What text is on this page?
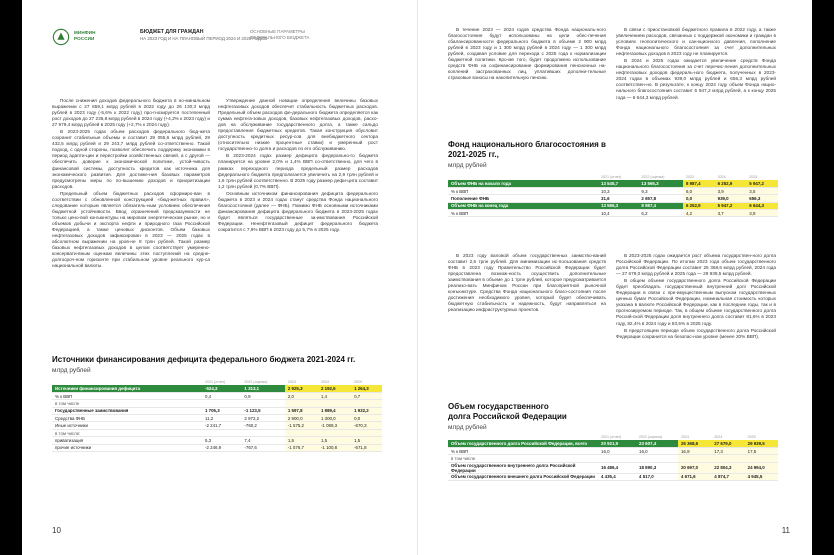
МИНФИН
РОССИИ
БЮДЖЕТ ДЛЯ ГРАЖДАН
НА 2023 ГОД И НА ПЛАНОВЫЙ ПЕРИОД 2024 И 2025 ГОДОВ
ОСНОВНЫЕ ПАРАМЕТРЫ
ФЕДЕРАЛЬНОГО БЮДЖЕТА

После снижения доходов федерального бюджета в но-минальном выражении с 27 659,1 млрд рублей в 2022 году до 26 130,3 млрд рублей в 2023 году (-5,6% к 2022 году) про-гнозируется постепенный рост доходов до 27 235,8 млрд рублей в 2024 году (+4,2% к 2023 году) и 27 979,4 млрд рублей в 2025 году (+2,7% к 2024 году).

В 2023-2025 годах объем расходов федерального бюд-жета сохранит стабильные объемы и составит 29 055,6 млрд рублей, 29 432,5 млрд рублей и 29 243,7 млрд рублей со-ответственно. Такой подход, с одной стороны, позволит обеспечить поддержку экономики в период адапти-ции и перестройки хозяйственных связей, а с другой — обеспечить доверие к экономической политике, устой-чивость финансовой системы, доступность кредитов как источника для экономического развития. Для достиже-ния базовых параметров предусмотрены меры по по-вышению доходов и приоритизации расходов.

Предельный объем бюджетных расходов сформиро-ван в соответствии с обновленной конструкцией «бюд-жетных правил», следование которым является обязатель-ным условием обеспечения бюджетной устойчивости. Ввод ограничений предсказуемости не только цено-вой конъюнктуры на мировом энергетическом рынке, но и объемов добычи и экспорта нефти и природного газа Российской Федерацией, а также ценовых дисконтов. Объем базовых нефтегазовых доходов зафиксирован в 2023 — 2025 годах в абсолютном выражении на уров-не 8 трлн рублей. Такой размер базовых нефтегазовых доходов в целом соответствует умеренно-консервати-вным оценкам величины этих поступлений на средне- долгосроч-ном горизонте при стабильном уровне реального кур-са национальной валюты.

Утверждение данной новации определения величины базовых нефтегазовых доходов обеспечит стабильность бюджетных расходов. Предельный объем расходов фе-дерального бюджета определяется как сумма нефтега-зовых доходов, базовых нефтегазовых доходов, расхо-дов на обслуживание государственного долга, а также сальдо предоставления бюджетных кредитов. Такая конструкция обусловит доступность кредитных ресур-сов для внебюджетного сектора (относительно низкие процентные ставки) и умеренный рост государственно-го долга и расходов по его обслуживанию.

В 2023-2024 годах размер дефицита федерально-го бюджета планируется на уровне 2,0% и 1,4% ВВП со-ответственно, для чего в рамках переходного периода предельный размер расходов федерального бюджета предполагается увеличить на 2,9 трлн рублей и 1,6 трлн рублей соответственно. В 2025 году размер дефи-цита составит 1,2 трлн рублей (0,7% ВВП).

Основным источником финансирования дефицита федерального бюджета в 2023 и 2024 годах станут средства Фонда национального благосостояния (далее — ФНБ). Помимо ФНБ основными источниками финансирования дефицита федерального бюджета в 2023-2025 годах будет являться государственные за-имствования Российской Федерации. Ненефтегазовый дефицит федерального бюджета сократится с 7,9% ВВП в 2023 году до 5,7% в 2025 году.

Источники финансирования дефицита федерального бюджета 2021-2024 гг.
млрд рублей
	2021 (отчет)	2022 (оценка)	2023	2024	2025
Источники финансирования дефицита	-524,3	1 313,1	2 925,3	2 192,6	1 264,3
% к ВВП	0,4	0,9	2,0	1,4	0,7
в том числе					
Государственные заимствования	1 705,3	-1 123,5	1 597,8	1 989,4	1 932,2
Средства ФНБ	11,2	2 972,2	2 900,0	1 300,0	0,0
Иные источники	-2 241,7	-760,2	-1 575,2	-1 099,3	-670,3
в том числе:					
приватизация	5,3	7,4	1,5	1,5	1,5
прочие источники	-2 246,9	-767,6	-1 576,7	-1 100,8	-671,8
10

В течение 2023 — 2024 годов средства Фонда националь-ного благосостояния будут использованы на цели обес-печения сбалансированности федерального бюджета в объеме 2 900 млрд рублей в 2023 году и 1 300 млрд рублей в 2024 году — 1 300 млрд рублей, создавая условие для перехода с 2025 года к нормализации бюджетной политики. Кро-ме того, будет продолжено использование средств ФНБ на софинансирование формирования пенсионных на-коплений застрахованных лиц, уплативших дополни-тельные страховые взносы на накопительную пенсию.

В связи с приостановкой бюджетного правила в 2022 году, а также увеличением расходов, связанных с поддержкой экономики и граждан в условиях геополитического и сан-кционного давления, пополнение Фонда национального благосостояния за счет дополнительных нефтегазовых доходов в 2023 году не планируется.

В 2024 и 2025 годах ожидается увеличение средств Фонда национального благосостояния за счет перечис-ления дополнительных нефтегазовых доходов федераль-ного бюджета, полученных в 2023-2024 годах в объемах 939,0 млрд рублей и 656,3 млрд рублей соответствен-но. В результате, к концу 2024 году объем Фонда нацио-нального благосостояния составит 5 947,2 млрд рублей, а к концу 2025 года — 6 644,3 млрд рублей.

Фонд национального благосостояния в 2021-2025 гг.,
млрд рублей
	2021 (отчет)	2022 (оценка)	2023	2024	2025
Объем ФНБ на начало года	13 545,7	13 565,3	8 987,4	6 252,9	5 947,2
% к ВВП	10,3	9,3	6,0	3,9	3,5
Пополнение ФНБ	31,6	2 657,8	0,0	939,0	656,3
Объем ФНБ на конец года	13 565,3	8 987,4	6 252,9	5 947,2	6 644,3
% к ВВП	10,4	6,2	4,2	3,7	3,9

В 2023 году валовой объем государственных заимство-ваний составит 2,6 трлн рублей. Для минимизации ис-пользования средств ФНБ в 2023 году Правительство Российской Федерации будет предоставлена возмож-ность осуществить дополнительные заимствования в объеме до 1 трлн рублей, которое предусматривается реализо-вать Минфином России при благоприятной рыночной конъюнктуре. Средства Фонда национального благо-состояния после достижения необходимого уровня, который будет обеспечивать бюджетную стабильность и надежность, будут направляться на реализацию инфраструктурных проектов.

В 2023-2025 годах ожидается рост объема государствен-ного долга Российской Федерации. По итогам 2023 года объем государственного долга Российской Федерации составит 25 368,6 млрд рублей, 2024 года — 27 679,0 млрд рублей и 2025 года — 29 939,5 млрд рублей.

В общем объеме государственного долга Российской Федерации будет преобладать государственный внутренний долг Российской Федерации в связи с пре-имущественным выпуском государственных ценных бумаг Российской Федерации, номинальная стоимость которых указана в валюте Российской Федерации, как в последние годы, так и в прогнозируемом периоде. Так, в общем объеме государственного долга Россий-ской Федерации доля внутреннего долга составит 81,6% в 2023 году, 82,4% в 2024 году и 83,5% в 2025 году.

В предстоящем периоде объем государственного долга Российской Федерации сохранится на безопас-ном уровне (менее 20% ВВП).

Объем государственного
долга Российской Федерации
млрд рублей
	2021 (отчет)	2022 (оценка)	2023	2024	2025
Объем государственного долга Российской Федерации, всего	20 921,9	23 607,4	25 368,6	27 679,0	29 939,5
% к ВВП	16,0	16,0	16,9	17,3	17,5
в том числе					
Объем государственного внутреннего долга Российской Федерации	16 486,4	18 890,3	20 697,0	22 804,3	24 994,0
Объем государственного внешнего долга Российской Федерации	4 435,4	4 517,0	4 671,6	4 874,7	4 945,5
11
